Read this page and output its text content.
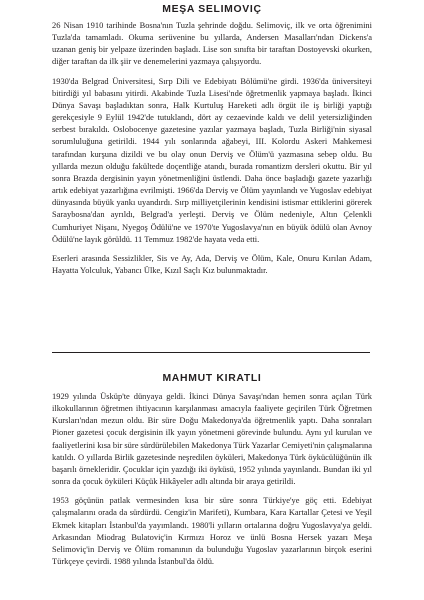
MEŞA SELIMOVIÇ

26 Nisan 1910 tarihinde Bosna'nın Tuzla şehrinde doğdu. Selimoviç, ilk ve orta öğrenimini Tuzla'da tamamladı. Okuma serüvenine bu yıllarda, Andersen Masalları'ndan Dickens'a uzanan geniş bir yelpaze üzerinden başladı. Lise son sınıfta bir taraftan Dostoyevski okurken, diğer taraftan da ilk şiir ve denemelerini yazmaya çalışıyordu.

1930'da Belgrad Üniversitesi, Sırp Dili ve Edebiyatı Bölümü'ne girdi. 1936'da üniversiteyi bitirdiği yıl babasını yitirdi. Akabinde Tuzla Lisesi'nde öğretmenlik yapmaya başladı. İkinci Dünya Savaşı başladıktan sonra, Halk Kurtuluş Hareketi adlı örgüt ile iş birliği yaptığı gerekçesiyle 9 Eylül 1942'de tutuklandı, dört ay cezaevinde kaldı ve delil yetersizliğinden serbest bırakıldı. Oslobocenye gazetesine yazılar yazmaya başladı, Tuzla Birliği'nin siyasal sorumluluğuna getirildi. 1944 yılı sonlarında ağabeyi, III. Kolordu Askeri Mahkemesi tarafından kurşuna dizildi ve bu olay onun Derviş ve Ölüm'ü yazmasına sebep oldu. Bu yıllarda mezun olduğu fakültede doçentliğe atandı, burada romantizm dersleri okuttu. Bir yıl sonra Brazda dergisinin yayın yönetmenliğini üstlendi. Daha önce başladığı gazete yazarlığı artık edebiyat yazarlığına evrilmişti. 1966'da Derviş ve Ölüm yayınlandı ve Yugoslav edebiyat dünyasında büyük yankı uyandırdı. Sırp milliyetçilerinin kendisini istismar ettiklerini görerek Saraybosna'dan ayrıldı, Belgrad'a yerleşti. Derviş ve Ölüm nedeniyle, Altın Çelenkli Cumhuriyet Nişanı, Nyegoş Ödülü'ne ve 1970'te Yugoslavya'nın en büyük ödülü olan Avnoy Ödülü'ne layık görüldü. 11 Temmuz 1982'de hayata veda etti.

Eserleri arasında Sessizlikler, Sis ve Ay, Ada, Derviş ve Ölüm, Kale, Onuru Kırılan Adam, Hayatta Yolculuk, Yabancı Ülke, Kızıl Saçlı Kız bulunmaktadır.

MAHMUT KIRATLI

1929 yılında Üsküp'te dünyaya geldi. İkinci Dünya Savaşı'ndan hemen sonra açılan Türk ilkokullarının öğretmen ihtiyacının karşılanması amacıyla faaliyete geçirilen Türk Öğretmen Kursları'ndan mezun oldu. Bir süre Doğu Makedonya'da öğretmenlik yaptı. Daha sonraları Pioner gazetesi çocuk dergisinin ilk yayın yönetmeni görevinde bulundu. Aynı yıl kurulan ve faaliyetlerini kısa bir süre sürdürülebilen Makedonya Türk Yazarlar Cemiyeti'nin çalışmalarına katıldı. O yıllarda Birlik gazetesinde neşredilen öyküleri, Makedonya Türk öykücülüğünün ilk başarılı örnekleridir. Çocuklar için yazdığı iki öyküsü, 1952 yılında yayınlandı. Bundan iki yıl sonra da çocuk öyküleri Küçük Hikâyeler adlı altında bir araya getirildi.

1953 göçünün patlak vermesinden kısa bir süre sonra Türkiye'ye göç etti. Edebiyat çalışmalarını orada da sürdürdü. Cengiz'in Marifeti), Kumbara, Kara Kartallar Çetesi ve Yeşil Ekmek kitapları İstanbul'da yayımlandı. 1980'li yılların ortalarına doğru Yugoslavya'ya geldi. Arkasından Miodrag Bulatoviç'in Kırmızı Horoz ve ünlü Bosna Hersek yazarı Meşa Selimoviç'in Derviş ve Ölüm romanının da bulunduğu Yugoslav yazarlarının birçok eserini Türkçeye çevirdi. 1988 yılında İstanbul'da öldü.
